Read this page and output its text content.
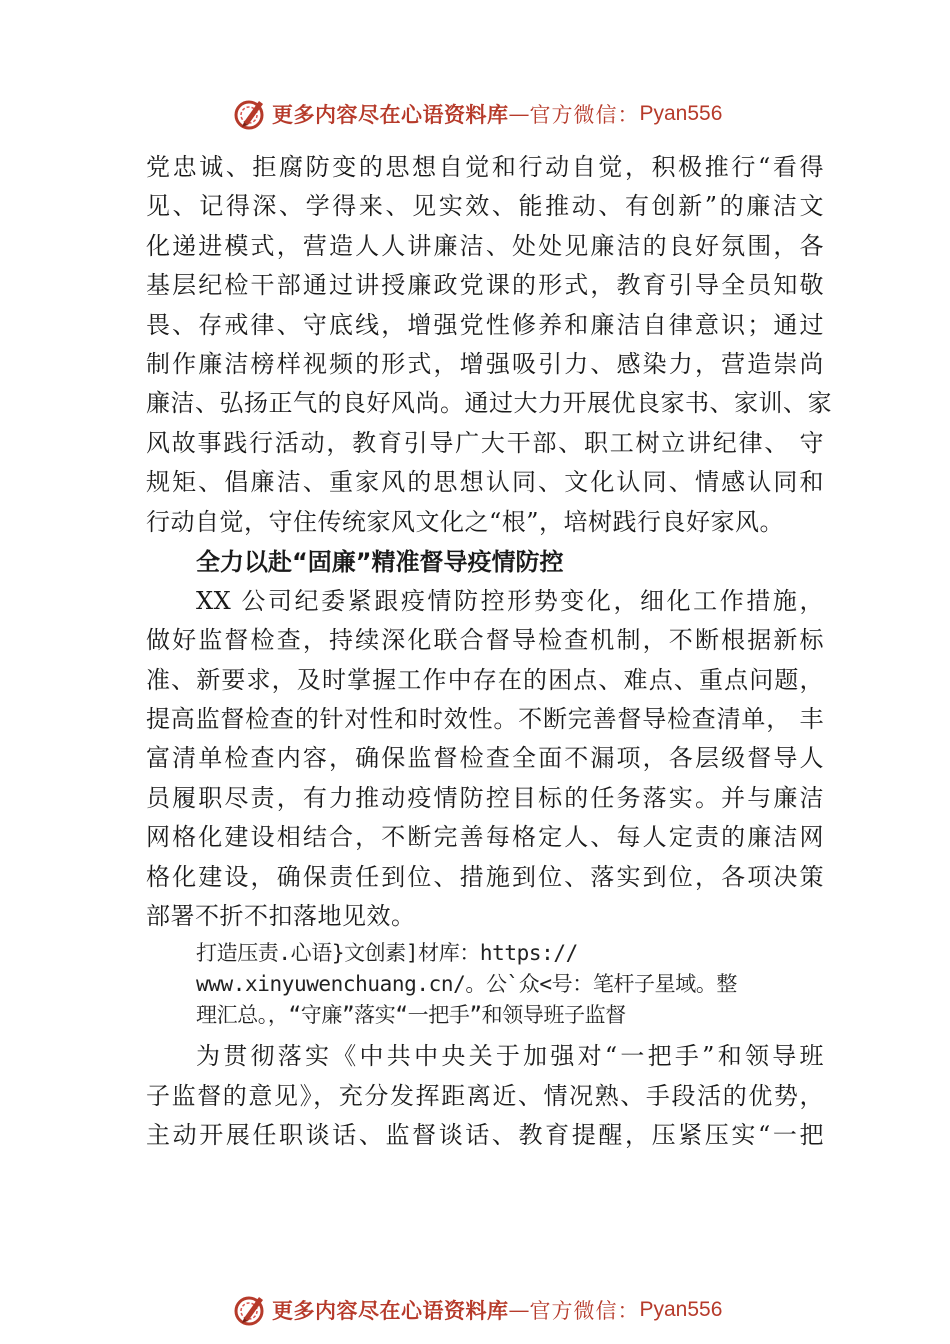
更多内容尽在心语资料库 — 官方微信： Pyan556
党忠诚、拒腐防变的思想自觉和行动自觉，积极推行“看得
见、记得深、学得来、见实效、能推动、有创新”的廉洁文
化递进模式，营造人人讲廉洁、处处见廉洁的良好氛围，各
基层纪检干部通过讲授廉政党课的形式，教育引导全员知敬
畏、存戒律、守底线，增强党性修养和廉洁自律意识；通过
制作廉洁榜样视频的形式，增强吸引力、感染力，营造崇尚
廉洁、弘扬正气的良好风尚。通过大力开展优良家书、家训、家
风故事践行活动，教育引导广大干部、职工树立讲纪律、 守
规矩、倡廉洁、重家风的思想认同、文化认同、情感认同和
行动自觉，守住传统家风文化之“根”，培树践行良好家风。
全力以赴“固廉”精准督导疫情防控
XX 公司纪委紧跟疫情防控形势变化，细化工作措施，
做好监督检查，持续深化联合督导检查机制，不断根据新标
准、新要求，及时掌握工作中存在的困点、难点、重点问题，
提高监督检查的针对性和时效性。不断完善督导检查清单， 丰
富清单检查内容，确保监督检查全面不漏项，各层级督导人
员履职尽责，有力推动疫情防控目标的任务落实。并与廉洁
网格化建设相结合，不断完善每格定人、每人定责的廉洁网
格化建设，确保责任到位、措施到位、落实到位，各项决策
部署不折不扣落地见效。
打造压责.心语}文创素]材库：https://
www.xinyuwenchuang.cn/。公`众<号：笔杆子星域。整
理汇总。，“守廉”落实“一把手”和领导班子监督
为贯彻落实《中共中央关于加强对“一把手”和领导班
子监督的意见》，充分发挥距离近、情况熟、手段活的优势，
主动开展任职谈话、监督谈话、教育提醒，压紧压实“一把
更多内容尽在心语资料库 — 官方微信： Pyan556
